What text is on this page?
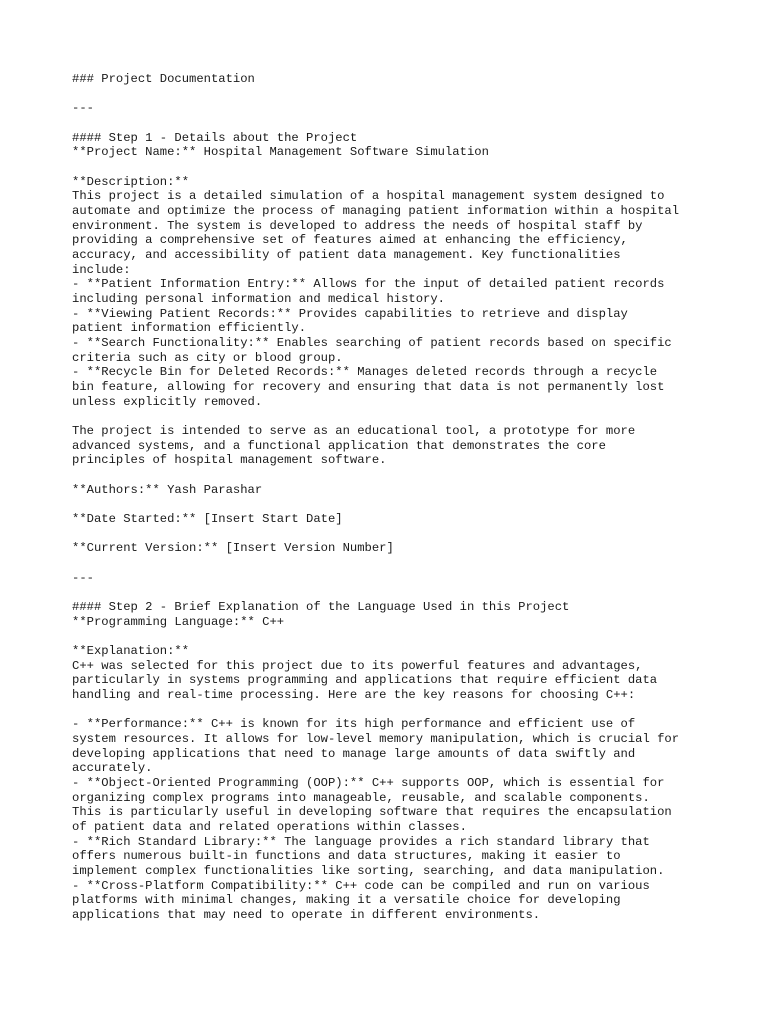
### Project Documentation
---
#### Step 1 - Details about the Project
**Project Name:** Hospital Management Software Simulation
**Description:**
This project is a detailed simulation of a hospital management system designed to
automate and optimize the process of managing patient information within a hospital
environment. The system is developed to address the needs of hospital staff by
providing a comprehensive set of features aimed at enhancing the efficiency,
accuracy, and accessibility of patient data management. Key functionalities
include:
- **Patient Information Entry:** Allows for the input of detailed patient records
including personal information and medical history.
- **Viewing Patient Records:** Provides capabilities to retrieve and display
patient information efficiently.
- **Search Functionality:** Enables searching of patient records based on specific
criteria such as city or blood group.
- **Recycle Bin for Deleted Records:** Manages deleted records through a recycle
bin feature, allowing for recovery and ensuring that data is not permanently lost
unless explicitly removed.
The project is intended to serve as an educational tool, a prototype for more
advanced systems, and a functional application that demonstrates the core
principles of hospital management software.
**Authors:** Yash Parashar
**Date Started:** [Insert Start Date]
**Current Version:** [Insert Version Number]
---
#### Step 2 - Brief Explanation of the Language Used in this Project
**Programming Language:** C++
**Explanation:**
C++ was selected for this project due to its powerful features and advantages,
particularly in systems programming and applications that require efficient data
handling and real-time processing. Here are the key reasons for choosing C++:
- **Performance:** C++ is known for its high performance and efficient use of
system resources. It allows for low-level memory manipulation, which is crucial for
developing applications that need to manage large amounts of data swiftly and
accurately.
- **Object-Oriented Programming (OOP):** C++ supports OOP, which is essential for
organizing complex programs into manageable, reusable, and scalable components.
This is particularly useful in developing software that requires the encapsulation
of patient data and related operations within classes.
- **Rich Standard Library:** The language provides a rich standard library that
offers numerous built-in functions and data structures, making it easier to
implement complex functionalities like sorting, searching, and data manipulation.
- **Cross-Platform Compatibility:** C++ code can be compiled and run on various
platforms with minimal changes, making it a versatile choice for developing
applications that may need to operate in different environments.
